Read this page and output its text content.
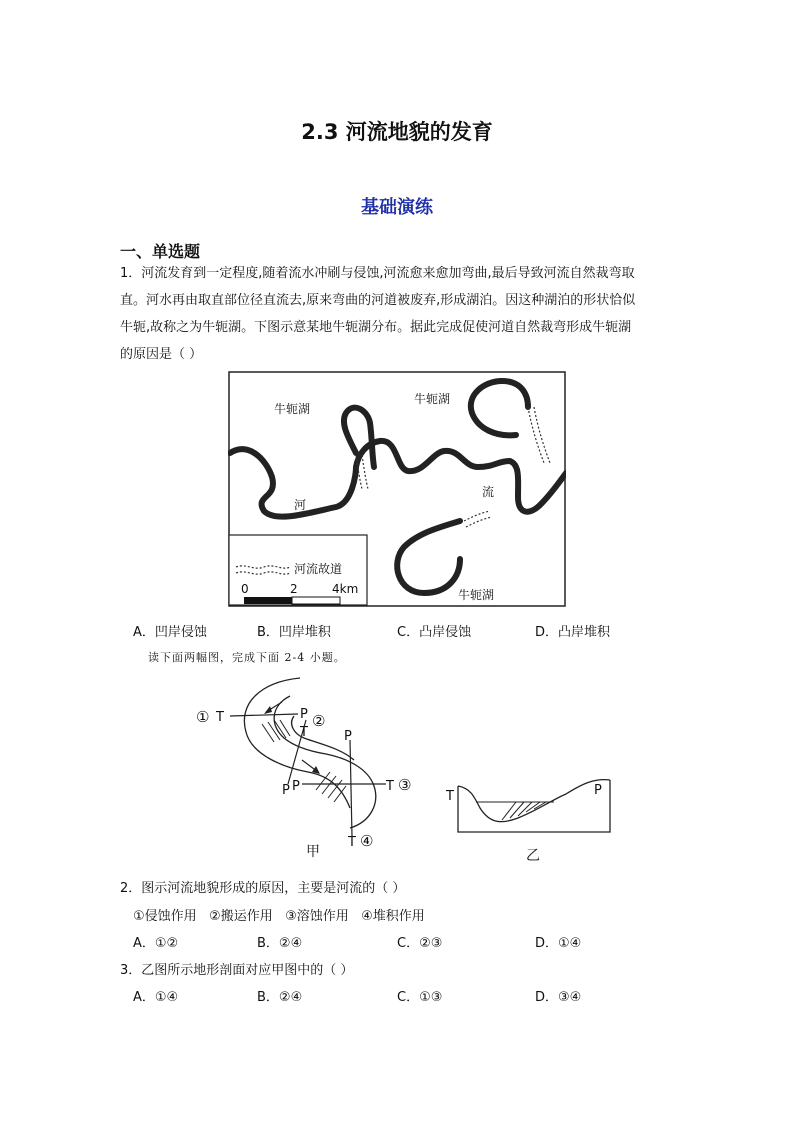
2.3 河流地貌的发育
基础演练
一、单选题
1．河流发育到一定程度,随着流水冲刷与侵蚀,河流愈来愈加弯曲,最后导致河流自然裁弯取
直。河水再由取直部位径直流去,原来弯曲的河道被废弃,形成湖泊。因这种湖泊的形状恰似
牛轭,故称之为牛轭湖。下图示意某地牛轭湖分布。据此完成促使河道自然裁弯形成牛轭湖
的原因是（ ）
牛轭湖
牛轭湖
牛轭湖
河
流
河流故道
0	2	4km
A．凹岸侵蚀	B．凹岸堆积	C．凸岸侵蚀	D．凸岸堆积
读下面两幅图，完成下面 2-4 小题。
① T	P ②
T	P
P
P	T ③
T ④
甲
T	P
乙
2．图示河流地貌形成的原因，主要是河流的（ ）
①侵蚀作用   ②搬运作用   ③溶蚀作用   ④堆积作用
A．①②	B．②④	C．②③	D．①④
3．乙图所示地形剖面对应甲图中的（ ）
A．①④	B．②④	C．①③	D．③④
